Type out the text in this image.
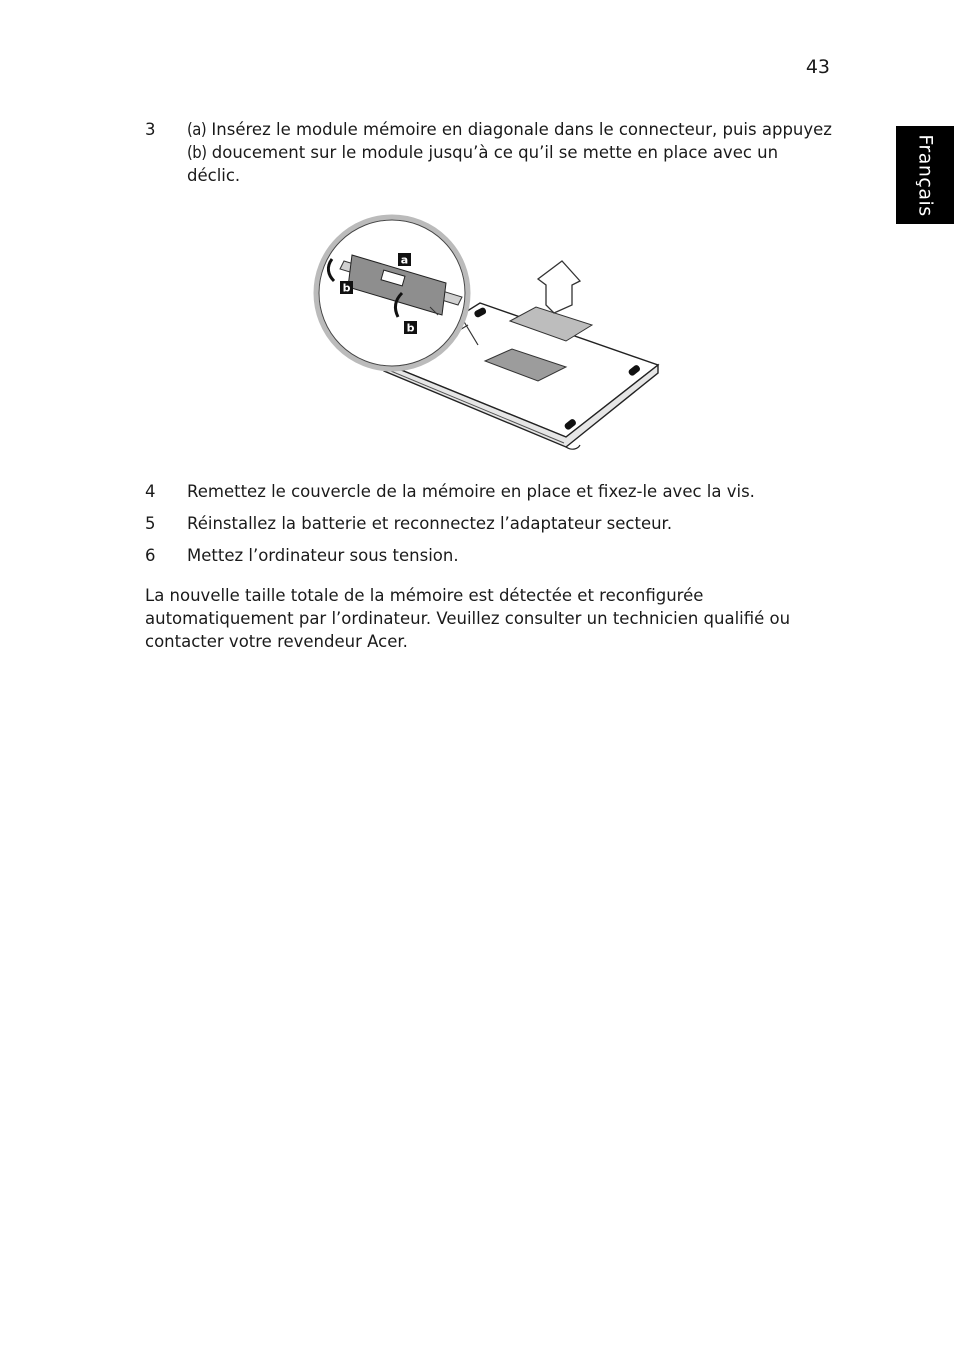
43
Français
3	(a) Insérez le module mémoire en diagonale dans le connecteur, puis appuyez (b) doucement sur le module jusqu’à ce qu’il se mette en place avec un déclic.
a
b
b
4	Remettez le couvercle de la mémoire en place et fixez-le avec la vis.
5	Réinstallez la batterie et reconnectez l’adaptateur secteur.
6	Mettez l’ordinateur sous tension.
La nouvelle taille totale de la mémoire est détectée et reconfigurée automatiquement par l’ordinateur. Veuillez consulter un technicien qualifié ou contacter votre revendeur Acer.
